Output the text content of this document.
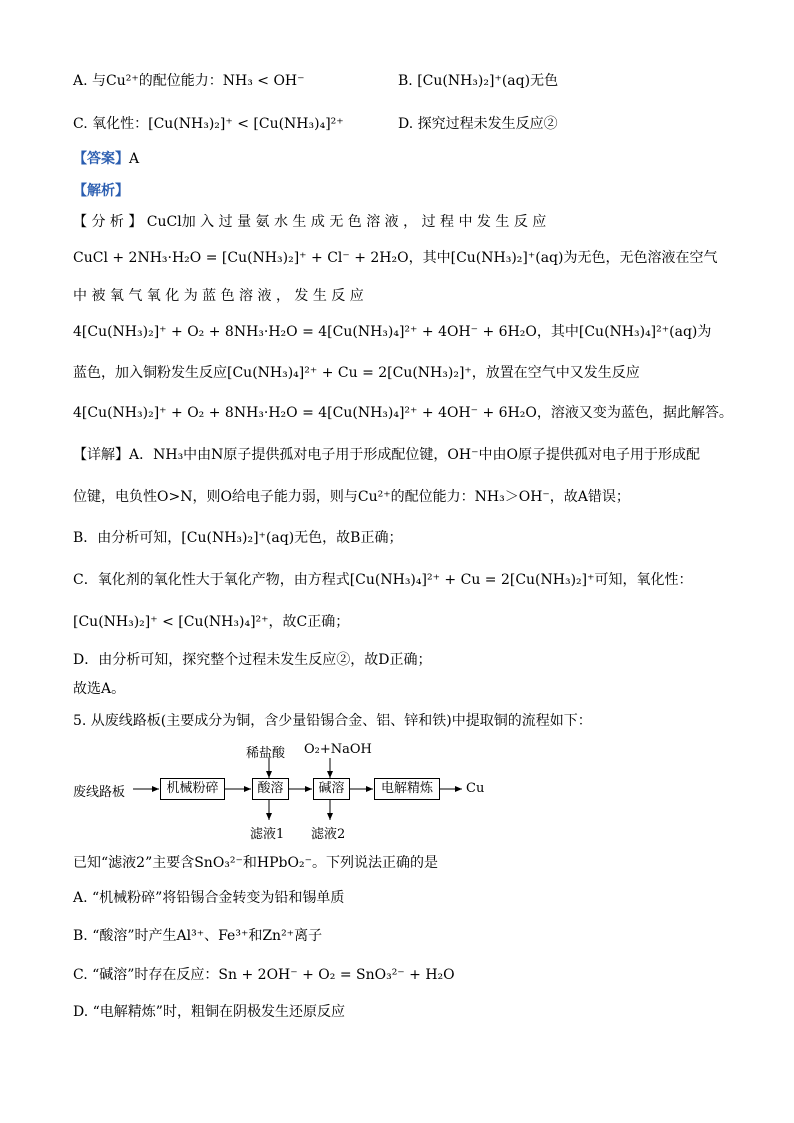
A. 与Cu²⁺的配位能力：NH₃ < OH⁻	B. [Cu(NH₃)₂]⁺(aq)无色
C. 氧化性：[Cu(NH₃)₂]⁺ < [Cu(NH₃)₄]²⁺	D. 探究过程未发生反应②
【答案】A
【解析】
【 分 析 】 CuCl加 入 过 量 氨 水 生 成 无 色 溶 液 ， 过 程 中 发 生 反 应
CuCl + 2NH₃·H₂O = [Cu(NH₃)₂]⁺ + Cl⁻ + 2H₂O，其中[Cu(NH₃)₂]⁺(aq)为无色，无色溶液在空气
中 被 氧 气 氧 化 为 蓝 色 溶 液 ， 发 生 反 应
4[Cu(NH₃)₂]⁺ + O₂ + 8NH₃·H₂O = 4[Cu(NH₃)₄]²⁺ + 4OH⁻ + 6H₂O，其中[Cu(NH₃)₄]²⁺(aq)为
蓝色，加入铜粉发生反应[Cu(NH₃)₄]²⁺ + Cu = 2[Cu(NH₃)₂]⁺，放置在空气中又发生反应
4[Cu(NH₃)₂]⁺ + O₂ + 8NH₃·H₂O = 4[Cu(NH₃)₄]²⁺ + 4OH⁻ + 6H₂O，溶液又变为蓝色，据此解答。
【详解】A．NH₃中由N原子提供孤对电子用于形成配位键，OH⁻中由O原子提供孤对电子用于形成配
位键，电负性O>N，则O给电子能力弱，则与Cu²⁺的配位能力：NH₃＞OH⁻，故A错误；
B．由分析可知，[Cu(NH₃)₂]⁺(aq)无色，故B正确；
C．氧化剂的氧化性大于氧化产物，由方程式[Cu(NH₃)₄]²⁺ + Cu = 2[Cu(NH₃)₂]⁺可知，氧化性：
[Cu(NH₃)₂]⁺ < [Cu(NH₃)₄]²⁺，故C正确；
D．由分析可知，探究整个过程未发生反应②，故D正确；
故选A。
5. 从废线路板(主要成分为铜，含少量铅锡合金、铝、锌和铁)中提取铜的流程如下：
废线路板	机械粉碎	酸溶	碱溶	电解精炼	Cu
稀盐酸 O₂+NaOH
滤液1 滤液2
已知“滤液2”主要含SnO₃²⁻和HPbO₂⁻。下列说法正确的是
A. “机械粉碎”将铅锡合金转变为铅和锡单质
B. “酸溶”时产生Al³⁺、Fe³⁺和Zn²⁺离子
C. “碱溶”时存在反应：Sn + 2OH⁻ + O₂ = SnO₃²⁻ + H₂O
D. “电解精炼”时，粗铜在阴极发生还原反应
